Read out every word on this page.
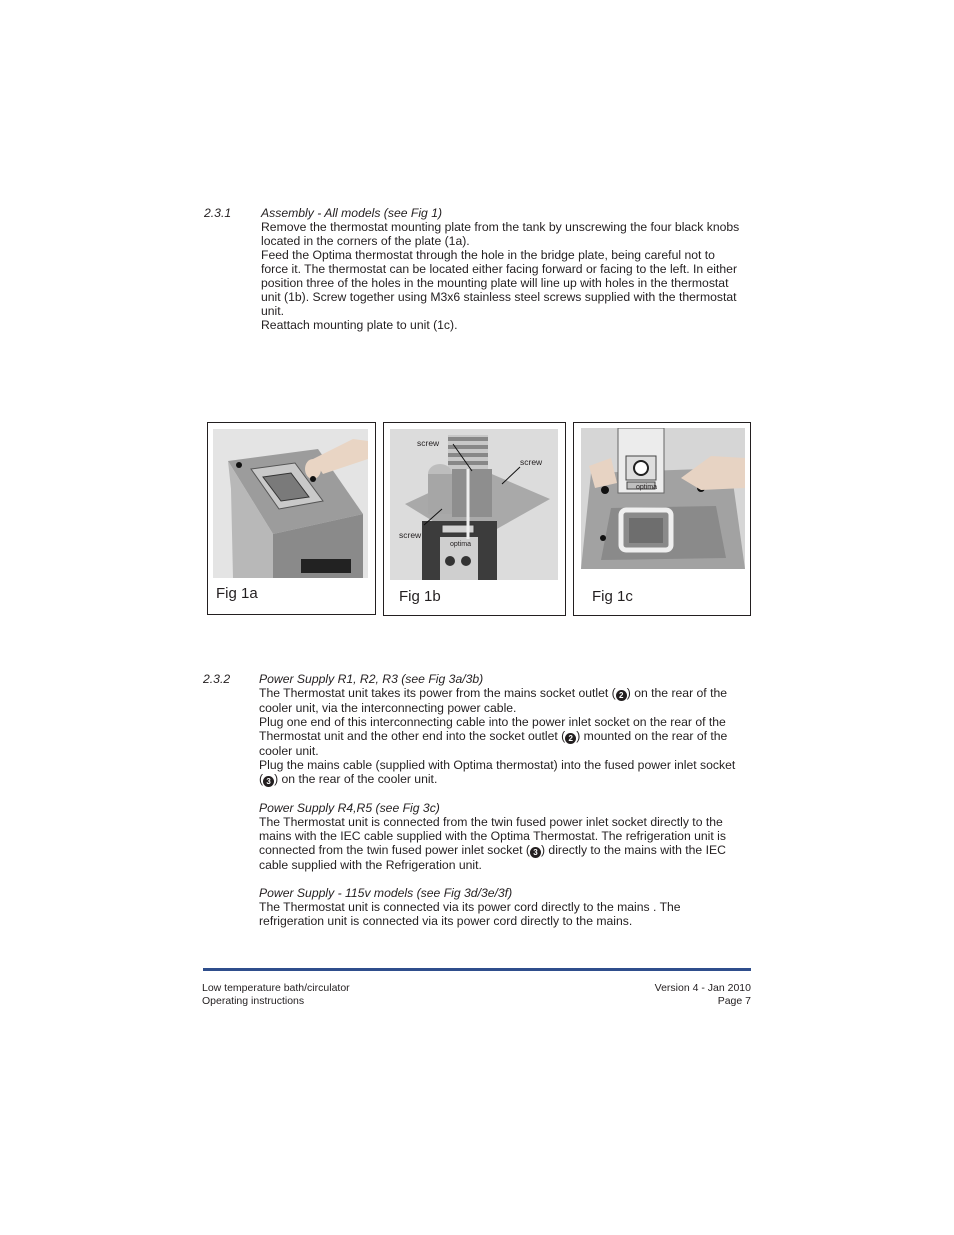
2.3.1 Assembly - All models (see Fig 1)

Remove the thermostat mounting plate from the tank by unscrewing the four black knobs

located in the corners of the plate (1a).

Feed the Optima thermostat through the hole in the bridge plate, being careful not to

force it. The thermostat can be located either facing forward or facing to the left. In either

position three of the holes in the mounting plate will line up with holes in the thermostat

unit (1b). Screw together using M3x6 stainless steel screws supplied with the thermostat

unit.

Reattach mounting plate to unit (1c).

Fig 1a
screw
screw
screw
optima
Fig 1b
optima
Fig 1c
2.3.2 Power Supply R1, R2, R3 (see Fig 3a/3b)

The Thermostat unit takes its power from the mains socket outlet ( 2 ) on the rear of the

cooler unit, via the interconnecting power cable.

Plug one end of this interconnecting cable into the power inlet socket on the rear of the

Thermostat unit and the other end into the socket outlet ( 2 ) mounted on the rear of the

cooler unit.

Plug the mains cable (supplied with Optima thermostat) into the fused power inlet socket

( 3 ) on the rear of the cooler unit.

Power Supply R4,R5 (see Fig 3c)

The Thermostat unit is connected from the twin fused power inlet socket directly to the

mains with the IEC cable supplied with the Optima Thermostat. The refrigeration unit is

connected from the twin fused power inlet socket ( 3 ) directly to the mains with the IEC

cable supplied with the Refrigeration unit.

Power Supply - 115v models (see Fig 3d/3e/3f)

The Thermostat unit is connected via its power cord directly to the mains . The

refrigeration unit is connected via its power cord directly to the mains.

Low temperature bath/circulator
Operating instructions
Version 4 - Jan 2010
Page 7
